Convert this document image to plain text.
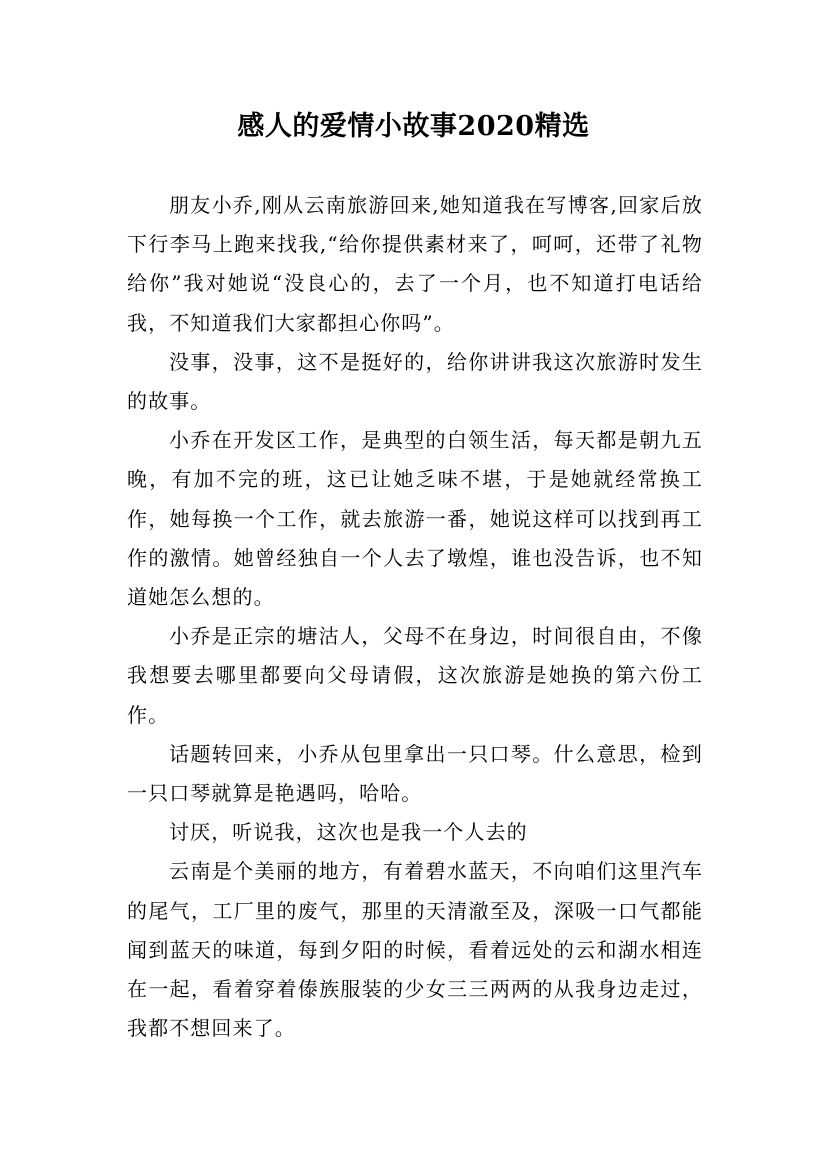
感人的爱情小故事2020精选

朋友小乔,刚从云南旅游回来,她知道我在写博客,回家后放下行李马上跑来找我,“给你提供素材来了，呵呵，还带了礼物给你”我对她说“没良心的，去了一个月，也不知道打电话给我，不知道我们大家都担心你吗”。

没事，没事，这不是挺好的，给你讲讲我这次旅游时发生的故事。

小乔在开发区工作，是典型的白领生活，每天都是朝九五晚，有加不完的班，这已让她乏味不堪，于是她就经常换工作，她每换一个工作，就去旅游一番，她说这样可以找到再工作的激情。她曾经独自一个人去了墩煌，谁也没告诉，也不知道她怎么想的。

小乔是正宗的塘沽人，父母不在身边，时间很自由，不像我想要去哪里都要向父母请假，这次旅游是她换的第六份工作。

话题转回来，小乔从包里拿出一只口琴。什么意思，检到一只口琴就算是艳遇吗，哈哈。

讨厌，听说我，这次也是我一个人去的

云南是个美丽的地方，有着碧水蓝天，不向咱们这里汽车的尾气，工厂里的废气，那里的天清澈至及，深吸一口气都能闻到蓝天的味道，每到夕阳的时候，看着远处的云和湖水相连在一起，看着穿着傣族服装的少女三三两两的从我身边走过，我都不想回来了。
